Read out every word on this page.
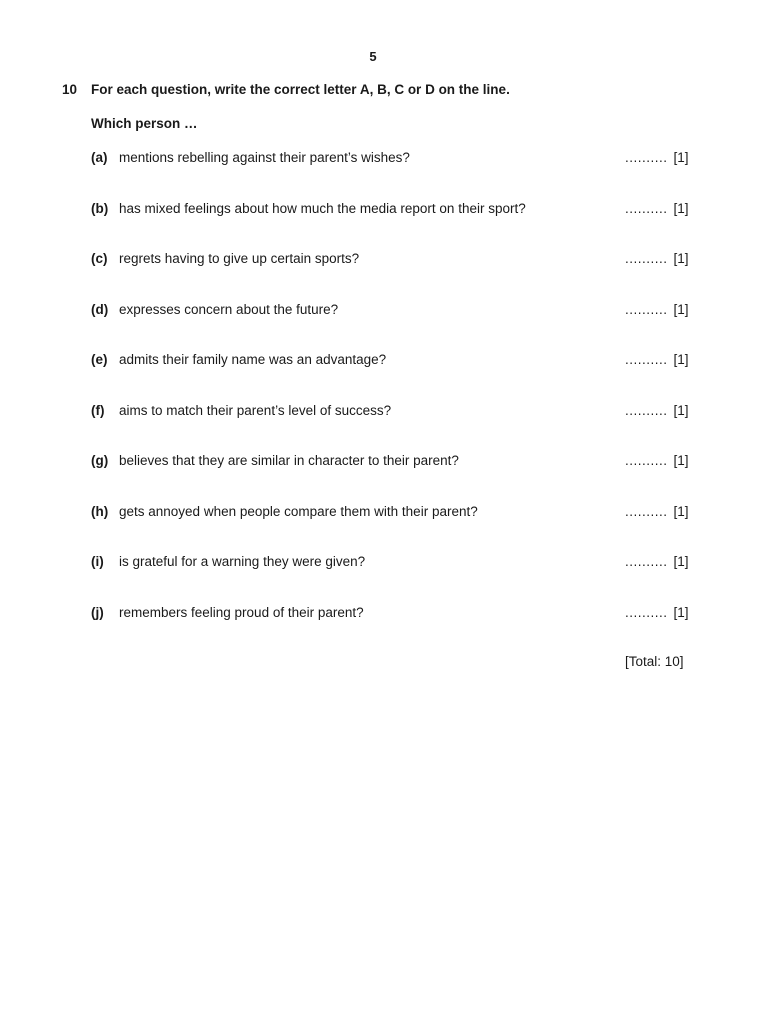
5
10 For each question, write the correct letter A, B, C or D on the line.
Which person …
(a) mentions rebelling against their parent’s wishes?	.......... [1]
(b) has mixed feelings about how much the media report on their sport?	.......... [1]
(c) regrets having to give up certain sports?	.......... [1]
(d) expresses concern about the future?	.......... [1]
(e) admits their family name was an advantage?	.......... [1]
(f) aims to match their parent’s level of success?	.......... [1]
(g) believes that they are similar in character to their parent?	.......... [1]
(h) gets annoyed when people compare them with their parent?	.......... [1]
(i) is grateful for a warning they were given?	.......... [1]
(j) remembers feeling proud of their parent?	.......... [1]
[Total: 10]
